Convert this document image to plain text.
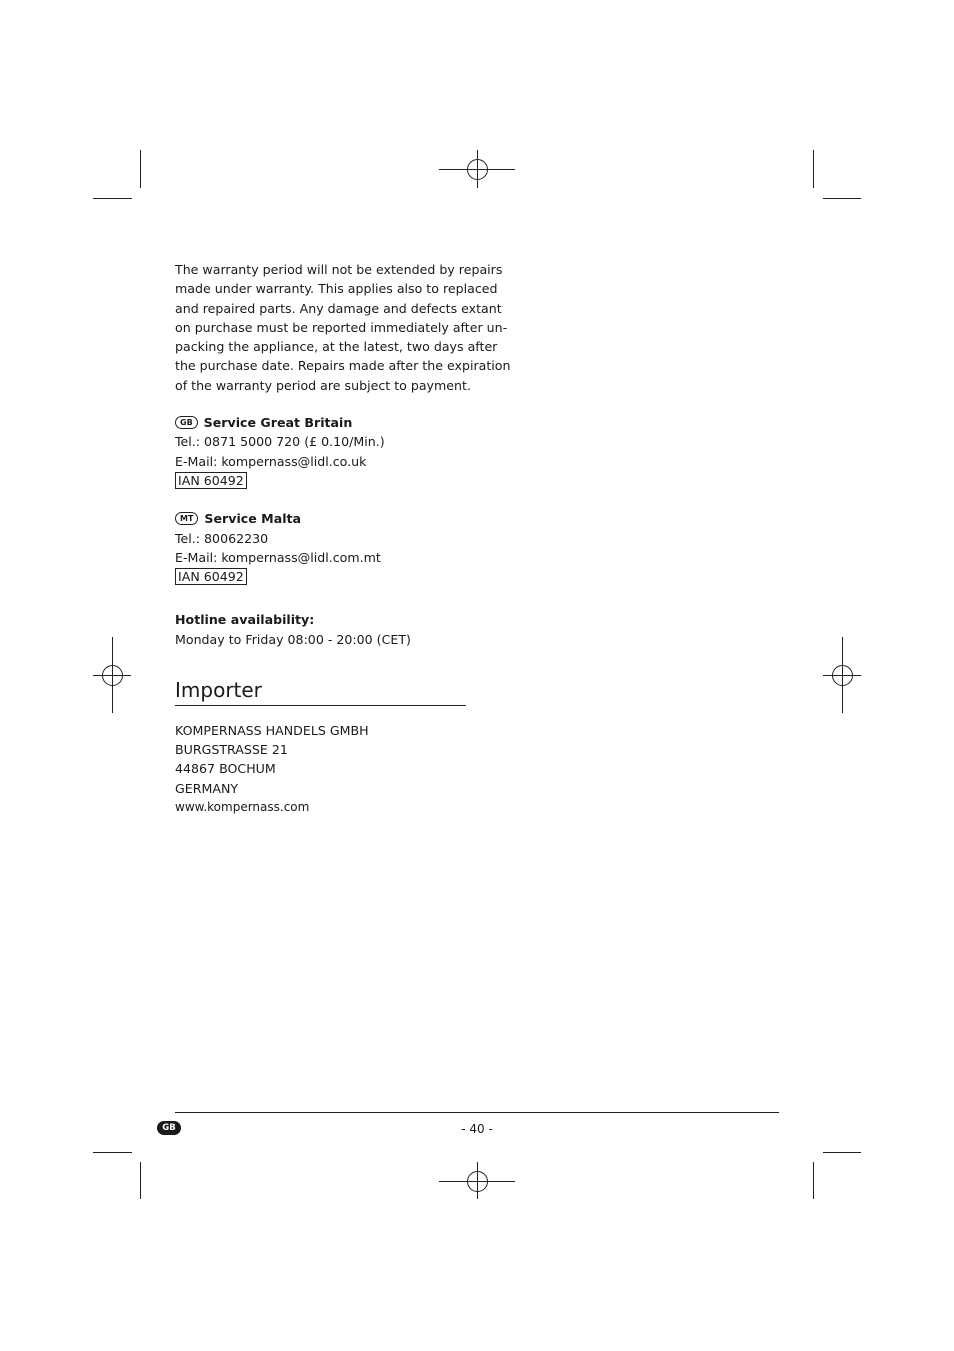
The warranty period will not be extended by repairs
made under warranty. This applies also to replaced
and repaired parts. Any damage and defects extant
on purchase must be reported immediately after un-
packing the appliance, at the latest, two days after
the purchase date. Repairs made after the expiration
of the warranty period are subject to payment.
GB Service Great Britain
Tel.: 0871 5000 720 (£ 0.10/Min.)
E-Mail: kompernass@lidl.co.uk
IAN 60492
MT Service Malta
Tel.: 80062230
E-Mail: kompernass@lidl.com.mt
IAN 60492
Hotline availability:
Monday to Friday 08:00 - 20:00 (CET)
Importer
KOMPERNASS HANDELS GMBH
BURGSTRASSE 21
44867 BOCHUM
GERMANY
www.kompernass.com
GB	- 40 -
